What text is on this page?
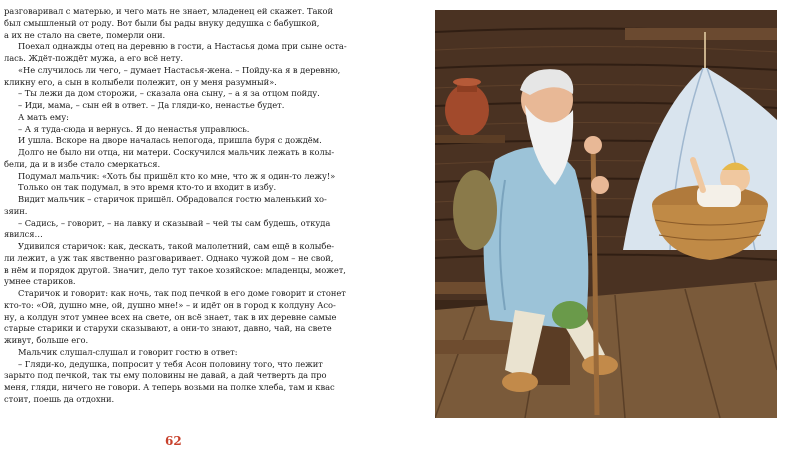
разговаривал с матерью, и чего мать не знает, младенец ей скажет. Такой

был смышленый от роду. Вот были бы рады внуку дедушка с бабушкой,

а их не стало на свете, померли они.

Поехал однажды отец на деревню в гости, а Настасья дома при сыне оста-

лась. Ждёт-пождёт мужа, а его всё нету.

«Не случилось ли чего, – думает Настасья-жена. – Пойду-ка я в деревню,

кликну его, а сын в колыбели полежит, он у меня разумный».

– Ты лежи да дом сторожи, – сказала она сыну, – а я за отцом пойду.

– Иди, мама, – сын ей в ответ. – Да гляди-ко, ненастье будет.

А мать ему:

– А я туда-сюда и вернусь. Я до ненастья управлюсь.

И ушла. Вскоре на дворе началась непогода, пришла буря с дождём.

Долго не было ни отца, ни матери. Соскучился мальчик лежать в колы-

бели, да и в избе стало смеркаться.

Подумал мальчик: «Хоть бы пришёл кто ко мне, что ж я один-то лежу!»

Только он так подумал, в это время кто-то и входит в избу.

Видит мальчик – старичок пришёл. Обрадовался гостю маленький хо-

зяин.

– Садись, – говорит, – на лавку и сказывай – чей ты сам будешь, откуда

явился…

Удивился старичок: как, дескать, такой малолетний, сам ещё в колыбе-

ли лежит, а уж так явственно разговаривает. Однако чужой дом – не свой,

в нём и порядок другой. Значит, дело тут такое хозяйское: младенцы, может,

умнее стариков.

Старичок и говорит: как ночь, так под печкой в его доме говорит и стонет

кто-то: «Ой, душно мне, ой, душно мне!» – и идёт он в город к колдуну Асо-

ну, а колдун этот умнее всех на свете, он всё знает, так в их деревне самые

старые старики и старухи сказывают, а они-то знают, давно, чай, на свете

живут, больше его.

Мальчик слушал-слушал и говорит гостю в ответ:

– Гляди-ко, дедушка, попросит у тебя Асон половину того, что лежит

зарыто под печкой, так ты ему половины не давай, а дай четверть да про

меня, гляди, ничего не говори. А теперь возьми на полке хлеба, там и квас

стоит, поешь да отдохни.

62
